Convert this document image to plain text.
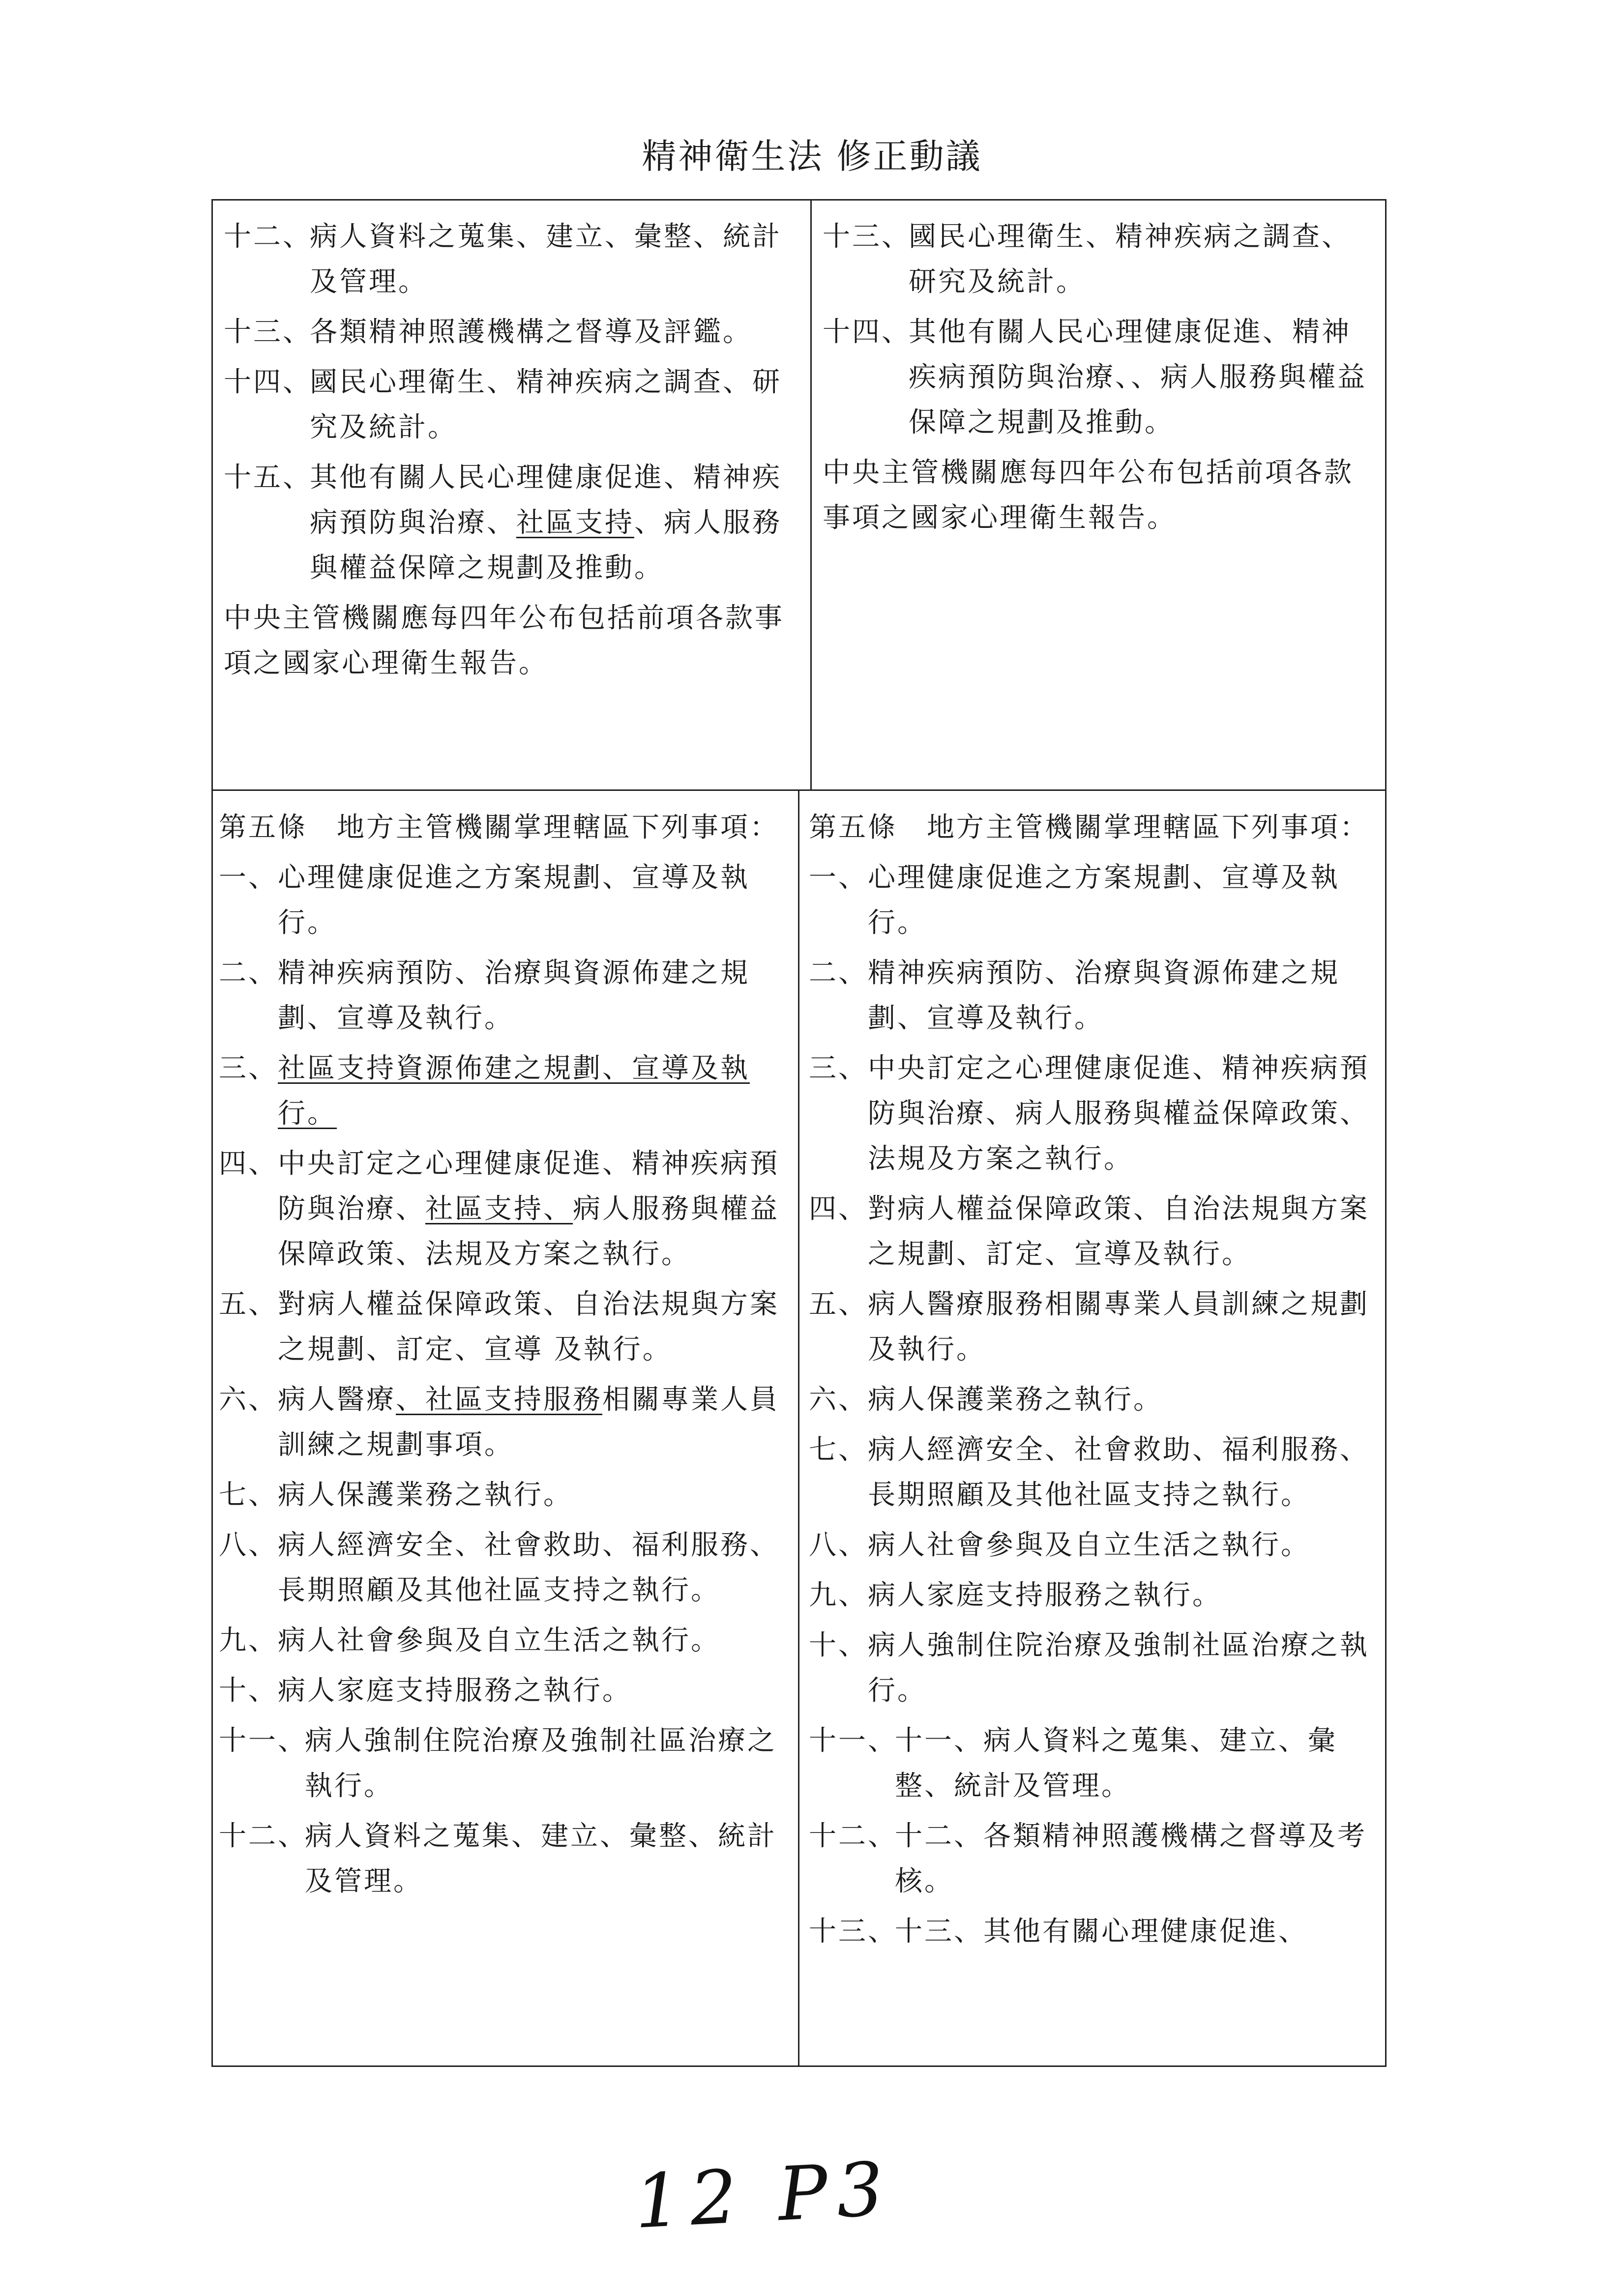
精神衛生法 修正動議
十二、
病人資料之蒐集、建立、彙整、統計及管理。
十三、
各類精神照護機構之督導及評鑑。
十四、
國民心理衛生、精神疾病之調查、研究及統計。
十五、
其他有關人民心理健康促進、精神疾病預防與治療、社區支持、病人服務與權益保障之規劃及推動。
中央主管機關應每四年公布包括前項各款事項之國家心理衛生報告。
十三、
國民心理衛生、精神疾病之調查、研究及統計。
十四、
其他有關人民心理健康促進、精神疾病預防與治療、、病人服務與權益保障之規劃及推動。
中央主管機關應每四年公布包括前項各款事項之國家心理衛生報告。
第五條　地方主管機關掌理轄區下列事項：
一、 心理健康促進之方案規劃、宣導及執行。
二、 精神疾病預防、治療與資源佈建之規劃、宣導及執行。
三、 社區支持資源佈建之規劃、宣導及執行。
四、 中央訂定之心理健康促進、精神疾病預防與治療、社區支持、病人服務與權益保障政策、法規及方案之執行。
五、 對病人權益保障政策、自治法規與方案之規劃、訂定、宣導 及執行。
六、 病人醫療、社區支持服務相關專業人員訓練之規劃事項。
七、 病人保護業務之執行。
八、 病人經濟安全、社會救助、福利服務、長期照顧及其他社區支持之執行。
九、 病人社會參與及自立生活之執行。
十、 病人家庭支持服務之執行。
十一、
病人強制住院治療及強制社區治療之執行。
十二、
病人資料之蒐集、建立、彙整、統計及管理。
第五條　地方主管機關掌理轄區下列事項：
一、 心理健康促進之方案規劃、宣導及執行。
二、 精神疾病預防、治療與資源佈建之規劃、宣導及執行。
三、 中央訂定之心理健康促進、精神疾病預防與治療、病人服務與權益保障政策、法規及方案之執行。
四、 對病人權益保障政策、自治法規與方案之規劃、訂定、宣導及執行。
五、 病人醫療服務相關專業人員訓練之規劃及執行。
六、 病人保護業務之執行。
七、 病人經濟安全、社會救助、福利服務、長期照顧及其他社區支持之執行。
八、 病人社會參與及自立生活之執行。
九、 病人家庭支持服務之執行。
十、 病人強制住院治療及強制社區治療之執行。
十一、
十一、病人資料之蒐集、建立、彙整、統計及管理。
十二、
十二、各類精神照護機構之督導及考核。
十三、
十三、其他有關心理健康促進、
12 P3
